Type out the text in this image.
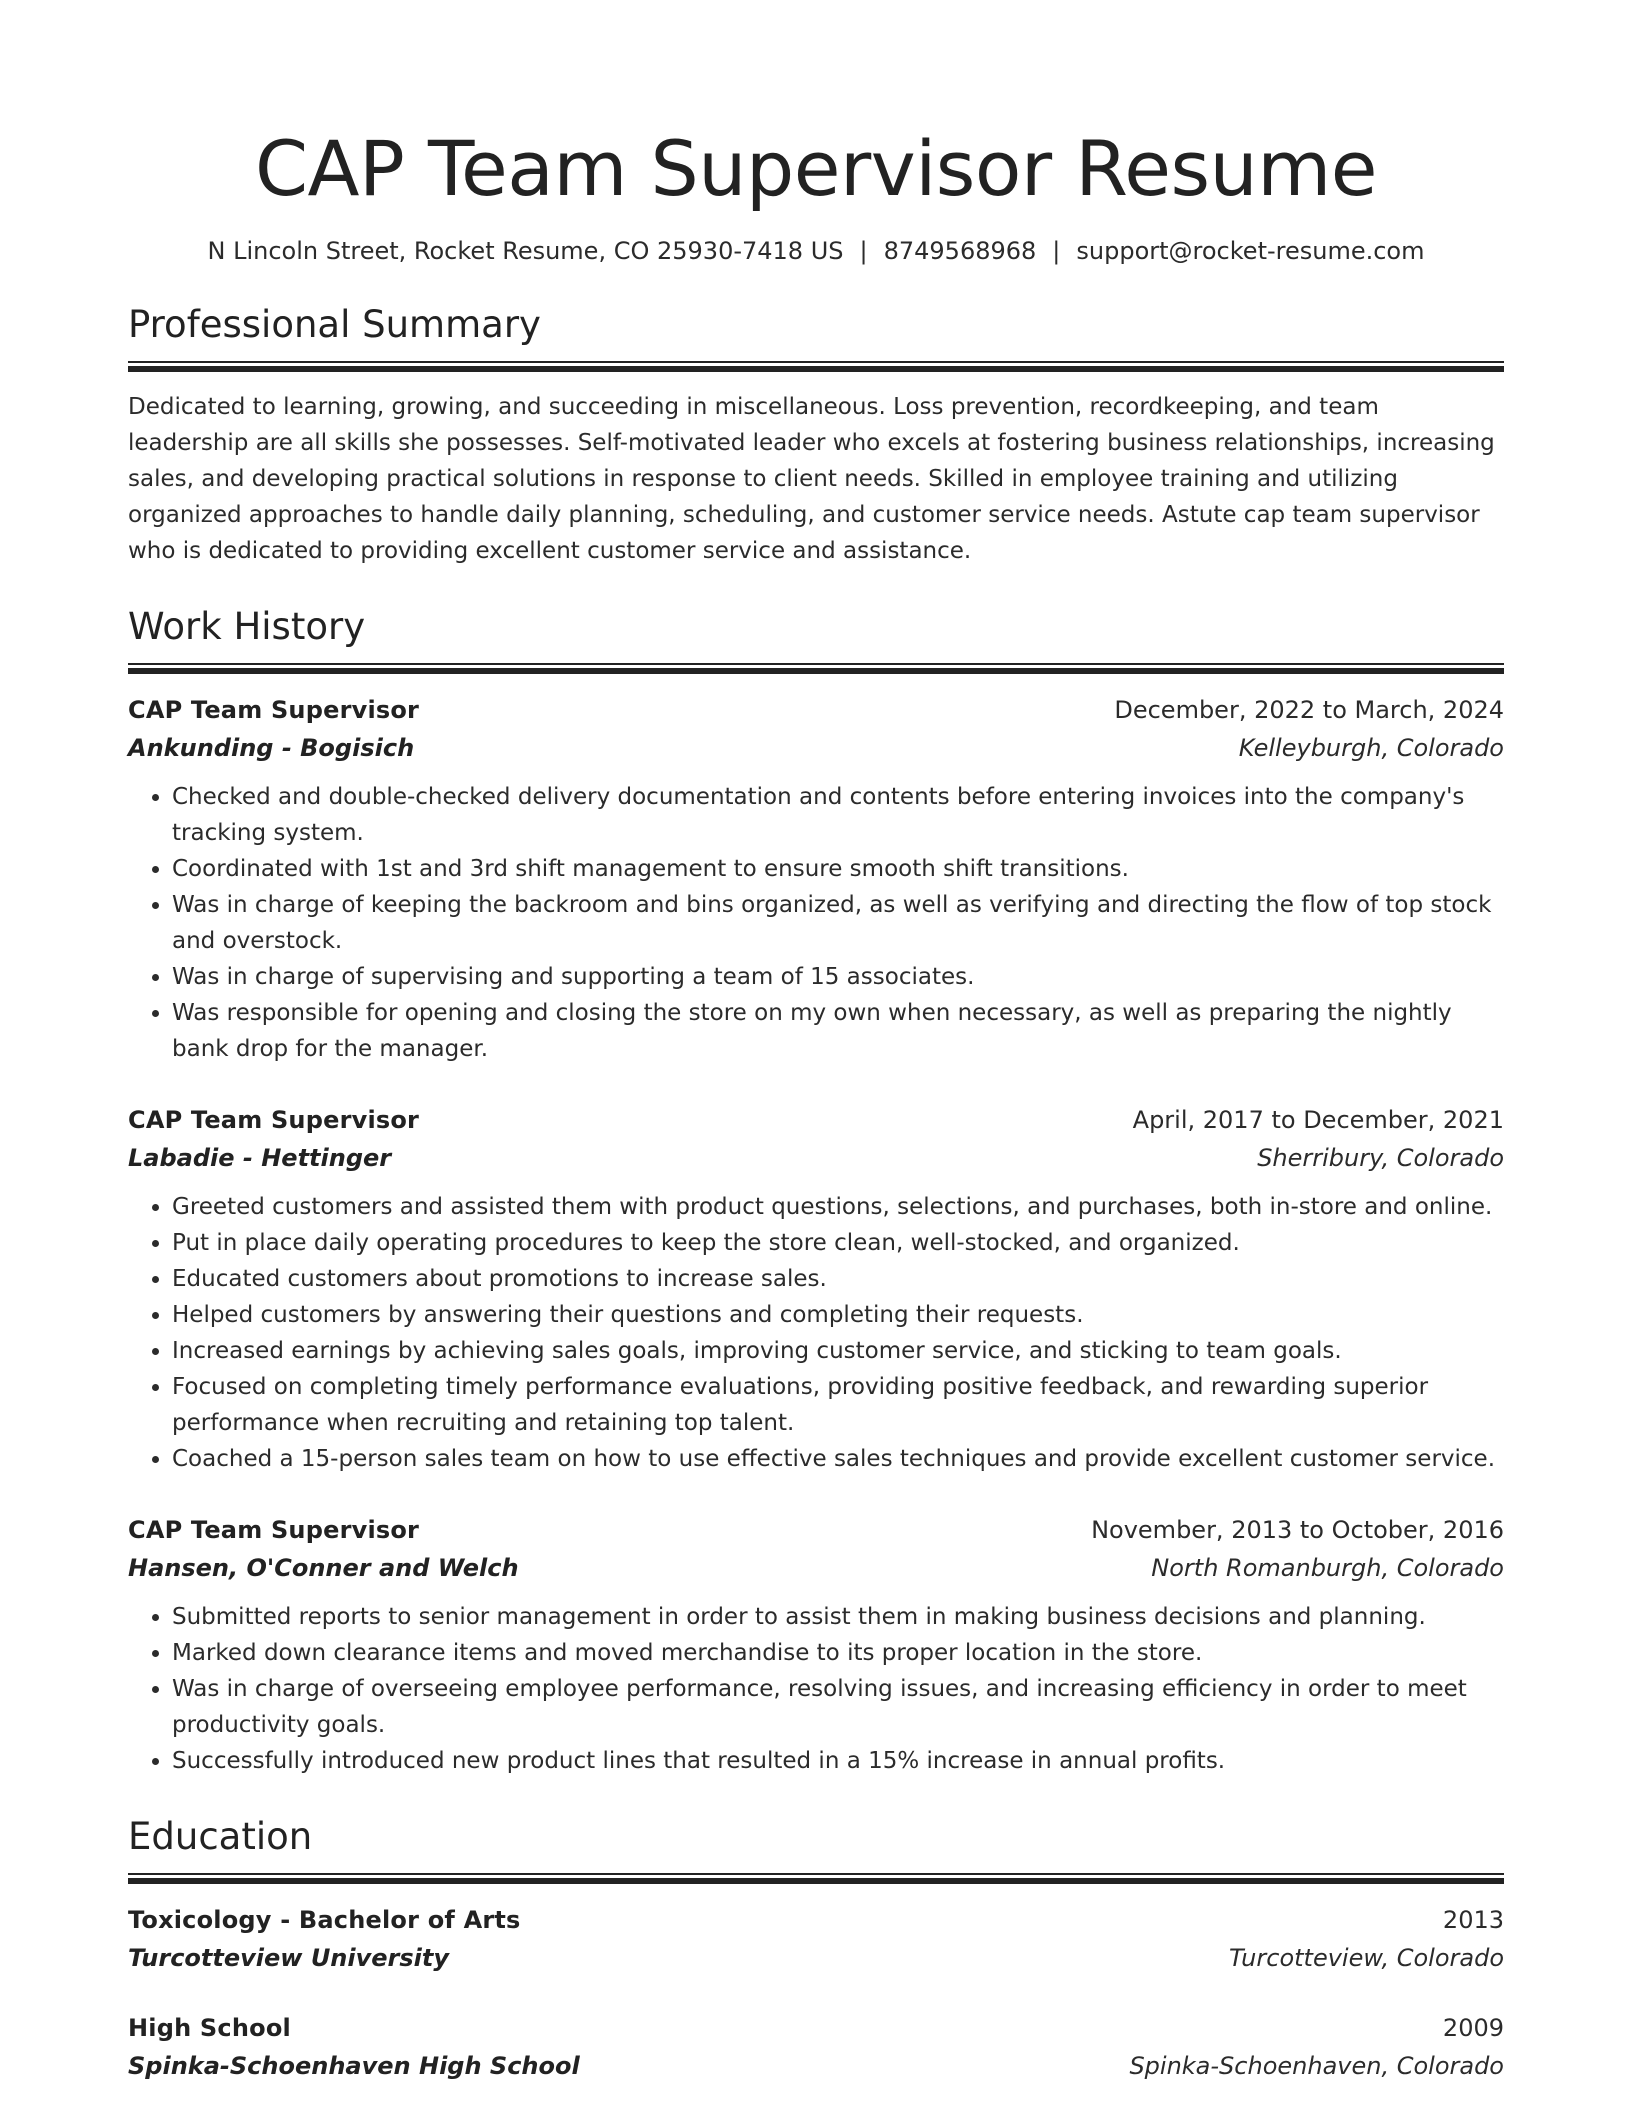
CAP Team Supervisor Resume
N Lincoln Street, Rocket Resume, CO 25930-7418 US | 8749568968 | support@rocket-resume.com
Professional Summary
Dedicated to learning, growing, and succeeding in miscellaneous. Loss prevention, recordkeeping, and team leadership are all skills she possesses. Self-motivated leader who excels at fostering business relationships, increasing sales, and developing practical solutions in response to client needs. Skilled in employee training and utilizing organized approaches to handle daily planning, scheduling, and customer service needs. Astute cap team supervisor who is dedicated to providing excellent customer service and assistance.
Work History
CAP Team Supervisor	December, 2022 to March, 2024
Ankunding - Bogisich	Kelleyburgh, Colorado
• Checked and double-checked delivery documentation and contents before entering invoices into the company's tracking system.
• Coordinated with 1st and 3rd shift management to ensure smooth shift transitions.
• Was in charge of keeping the backroom and bins organized, as well as verifying and directing the flow of top stock and overstock.
• Was in charge of supervising and supporting a team of 15 associates.
• Was responsible for opening and closing the store on my own when necessary, as well as preparing the nightly bank drop for the manager.
CAP Team Supervisor	April, 2017 to December, 2021
Labadie - Hettinger	Sherribury, Colorado
• Greeted customers and assisted them with product questions, selections, and purchases, both in-store and online.
• Put in place daily operating procedures to keep the store clean, well-stocked, and organized.
• Educated customers about promotions to increase sales.
• Helped customers by answering their questions and completing their requests.
• Increased earnings by achieving sales goals, improving customer service, and sticking to team goals.
• Focused on completing timely performance evaluations, providing positive feedback, and rewarding superior performance when recruiting and retaining top talent.
• Coached a 15-person sales team on how to use effective sales techniques and provide excellent customer service.
CAP Team Supervisor	November, 2013 to October, 2016
Hansen, O'Conner and Welch	North Romanburgh, Colorado
• Submitted reports to senior management in order to assist them in making business decisions and planning.
• Marked down clearance items and moved merchandise to its proper location in the store.
• Was in charge of overseeing employee performance, resolving issues, and increasing efficiency in order to meet productivity goals.
• Successfully introduced new product lines that resulted in a 15% increase in annual profits.
Education
Toxicology - Bachelor of Arts	2013
Turcotteview University	Turcotteview, Colorado
High School	2009
Spinka-Schoenhaven High School	Spinka-Schoenhaven, Colorado
